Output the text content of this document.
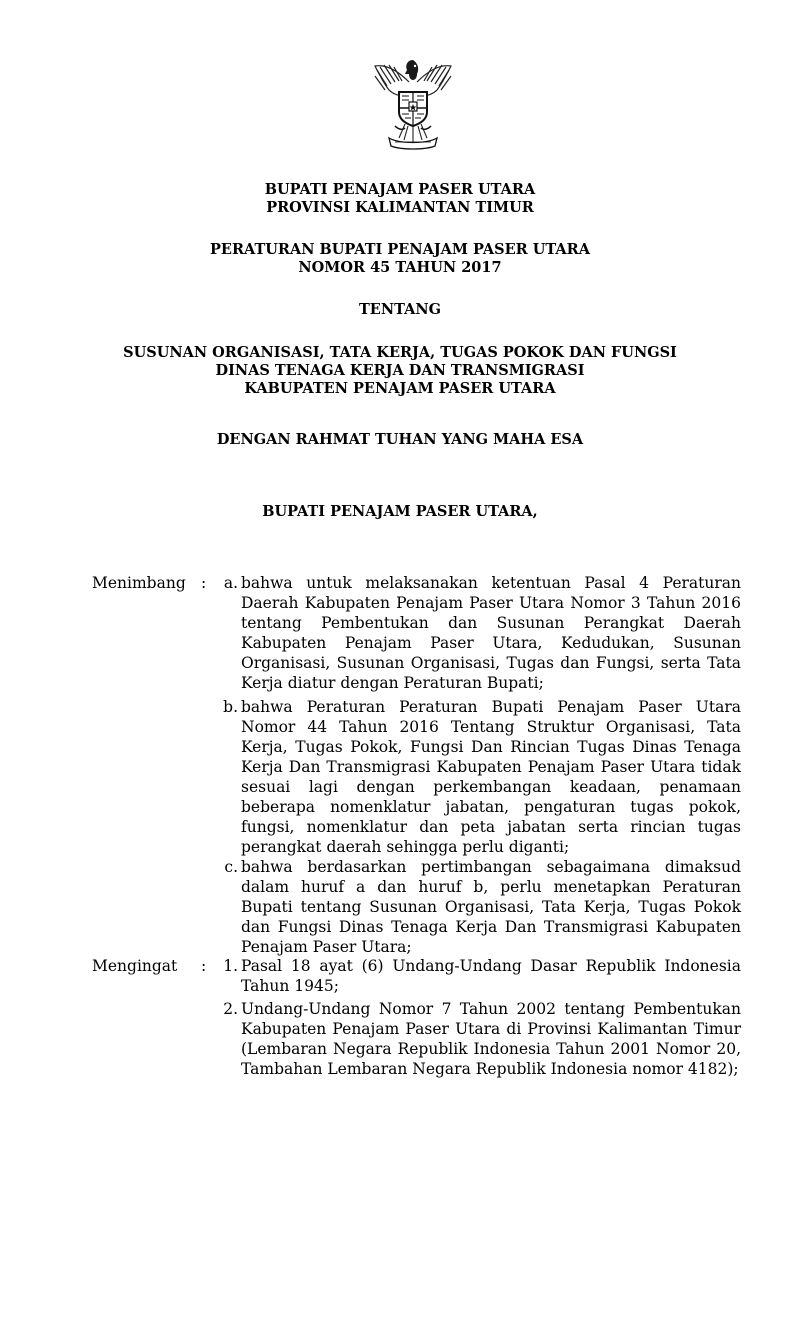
BUPATI PENAJAM PASER UTARA
PROVINSI KALIMANTAN TIMUR
PERATURAN BUPATI PENAJAM PASER UTARA
NOMOR 45 TAHUN 2017
TENTANG
SUSUNAN ORGANISASI, TATA KERJA, TUGAS POKOK DAN FUNGSI
DINAS TENAGA KERJA DAN TRANSMIGRASI
KABUPATEN PENAJAM PASER UTARA
DENGAN RAHMAT TUHAN YANG MAHA ESA
BUPATI PENAJAM PASER UTARA,
Menimbang :	a. bahwa untuk melaksanakan ketentuan Pasal 4 Peraturan Daerah Kabupaten Penajam Paser Utara Nomor 3 Tahun 2016 tentang Pembentukan dan Susunan Perangkat Daerah Kabupaten Penajam Paser Utara, Kedudukan, Susunan Organisasi, Susunan Organisasi, Tugas dan Fungsi, serta Tata Kerja diatur dengan Peraturan Bupati;
b. bahwa Peraturan Peraturan Bupati Penajam Paser Utara Nomor 44 Tahun 2016 Tentang Struktur Organisasi, Tata Kerja, Tugas Pokok, Fungsi Dan Rincian Tugas Dinas Tenaga Kerja Dan Transmigrasi Kabupaten Penajam Paser Utara tidak sesuai lagi dengan perkembangan keadaan, penamaan beberapa nomenklatur jabatan, pengaturan tugas pokok, fungsi, nomenklatur dan peta jabatan serta rincian tugas perangkat daerah sehingga perlu diganti;
c. bahwa berdasarkan pertimbangan sebagaimana dimaksud dalam huruf a dan huruf b, perlu menetapkan Peraturan Bupati tentang Susunan Organisasi, Tata Kerja, Tugas Pokok dan Fungsi Dinas Tenaga Kerja Dan Transmigrasi Kabupaten Penajam Paser Utara;
Mengingat :	1. Pasal 18 ayat (6) Undang-Undang Dasar Republik Indonesia Tahun 1945;
2. Undang-Undang Nomor 7 Tahun 2002 tentang Pembentukan Kabupaten Penajam Paser Utara di Provinsi Kalimantan Timur (Lembaran Negara Republik Indonesia Tahun 2001 Nomor 20, Tambahan Lembaran Negara Republik Indonesia nomor 4182);
